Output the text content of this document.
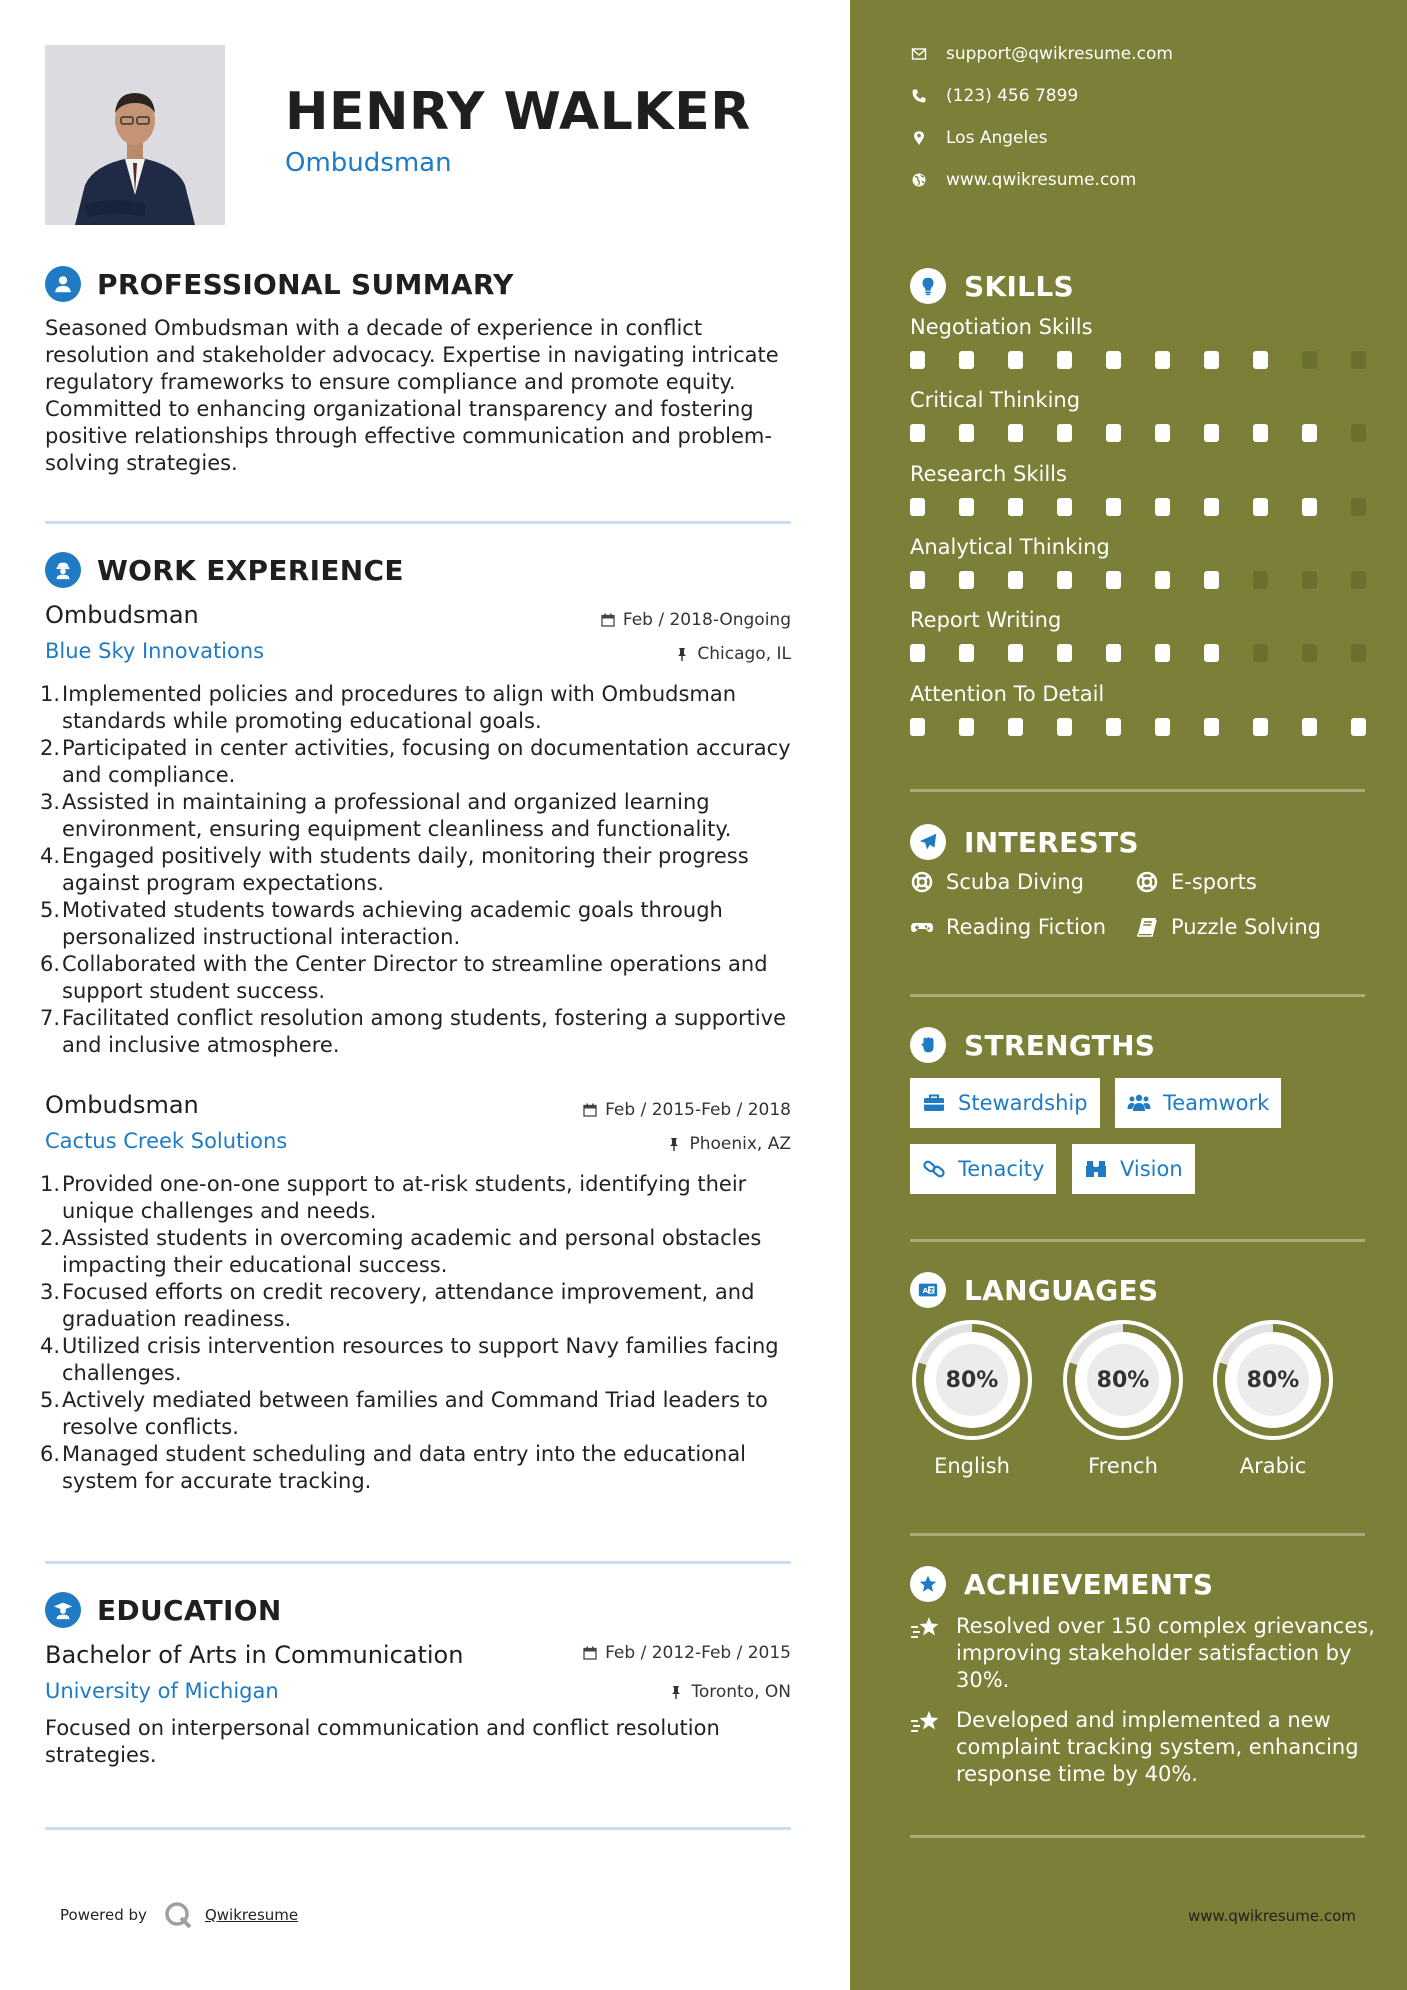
HENRY WALKER
Ombudsman
PROFESSIONAL SUMMARY
Seasoned Ombudsman with a decade of experience in conflict resolution and stakeholder advocacy. Expertise in navigating intricate regulatory frameworks to ensure compliance and promote equity. Committed to enhancing organizational transparency and fostering positive relationships through effective communication and problem-solving strategies.
WORK EXPERIENCE
Ombudsman	Feb / 2018-Ongoing
Blue Sky Innovations	Chicago, IL
1. Implemented policies and procedures to align with Ombudsman standards while promoting educational goals.
2. Participated in center activities, focusing on documentation accuracy and compliance.
3. Assisted in maintaining a professional and organized learning environment, ensuring equipment cleanliness and functionality.
4. Engaged positively with students daily, monitoring their progress against program expectations.
5. Motivated students towards achieving academic goals through personalized instructional interaction.
6. Collaborated with the Center Director to streamline operations and support student success.
7. Facilitated conflict resolution among students, fostering a supportive and inclusive atmosphere.
Ombudsman	Feb / 2015-Feb / 2018
Cactus Creek Solutions	Phoenix, AZ
1. Provided one-on-one support to at-risk students, identifying their unique challenges and needs.
2. Assisted students in overcoming academic and personal obstacles impacting their educational success.
3. Focused efforts on credit recovery, attendance improvement, and graduation readiness.
4. Utilized crisis intervention resources to support Navy families facing challenges.
5. Actively mediated between families and Command Triad leaders to resolve conflicts.
6. Managed student scheduling and data entry into the educational system for accurate tracking.
EDUCATION
Bachelor of Arts in Communication	Feb / 2012-Feb / 2015
University of Michigan	Toronto, ON
Focused on interpersonal communication and conflict resolution strategies.
Powered by	Qwikresume
support@qwikresume.com
(123) 456 7899
Los Angeles
www.qwikresume.com
SKILLS
Negotiation Skills
Critical Thinking
Research Skills
Analytical Thinking
Report Writing
Attention To Detail
INTERESTS
Scuba Diving	E-sports
Reading Fiction	Puzzle Solving
STRENGTHS
Stewardship	Teamwork
Tenacity	Vision
A Z LANGUAGES
80%
English
80%
French
80%
Arabic
ACHIEVEMENTS
Resolved over 150 complex grievances, improving stakeholder satisfaction by 30%.
Developed and implemented a new complaint tracking system, enhancing response time by 40%.
www.qwikresume.com
